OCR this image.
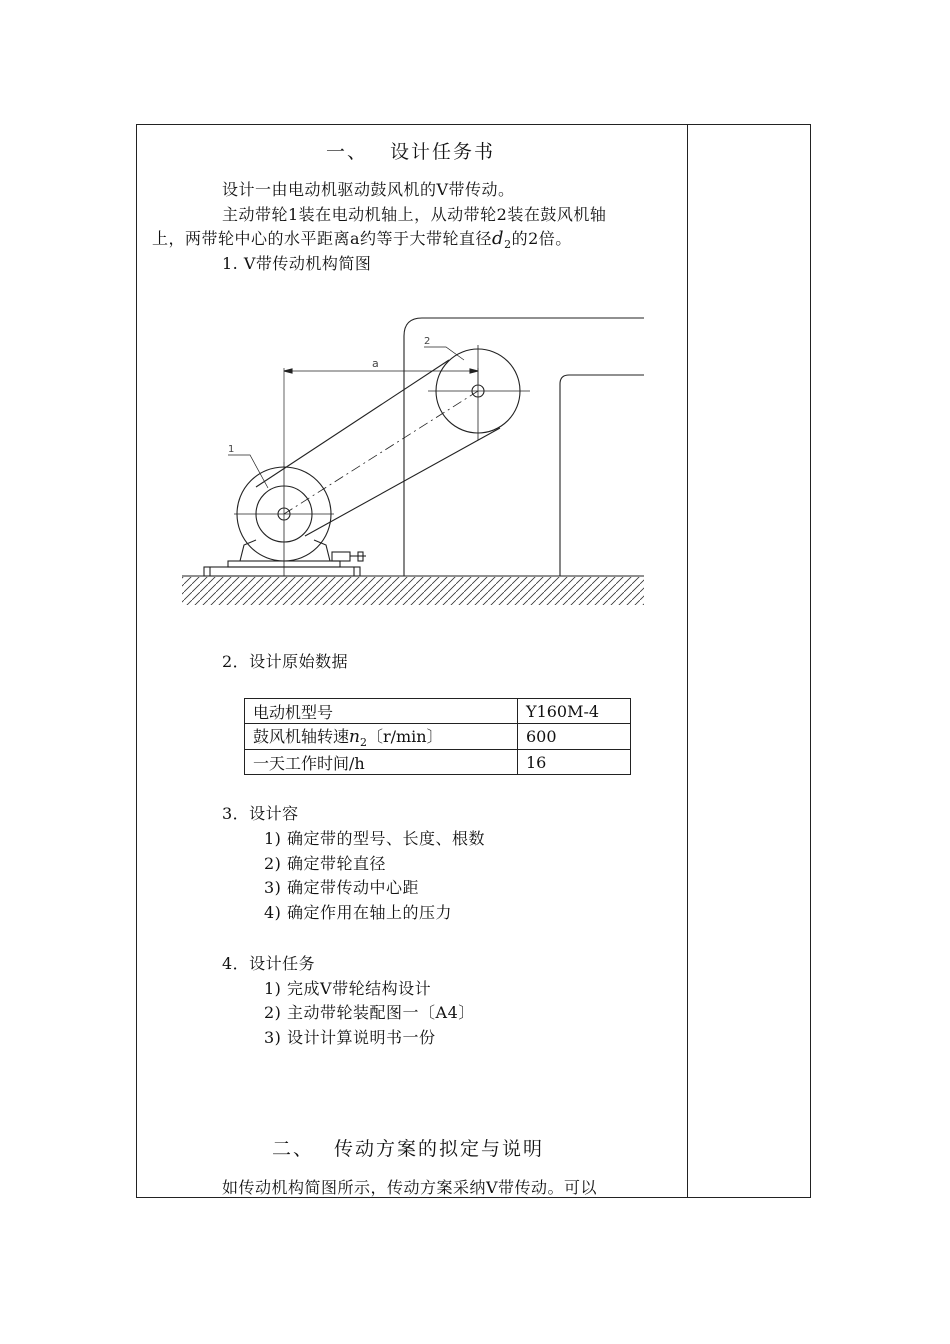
一、 设计任务书
设计一由电动机驱动鼓风机的V带传动。
主动带轮1装在电动机轴上，从动带轮2装在鼓风机轴
上，两带轮中心的水平距离a约等于大带轮直径$d_2$的2倍。
1. V带传动机构简图
a
1
2
2．设计原始数据
电动机型号	Y160M-4
鼓风机轴转速$n_2$〔r/min〕	600
一天工作时间/h	16
3．设计容
1) 确定带的型号、长度、根数
2) 确定带轮直径
3) 确定带传动中心距
4) 确定作用在轴上的压力
4．设计任务
1) 完成V带轮结构设计
2) 主动带轮装配图一〔A4〕
3) 设计计算说明书一份
二、 传动方案的拟定与说明
如传动机构简图所示，传动方案采纳V带传动。可以
